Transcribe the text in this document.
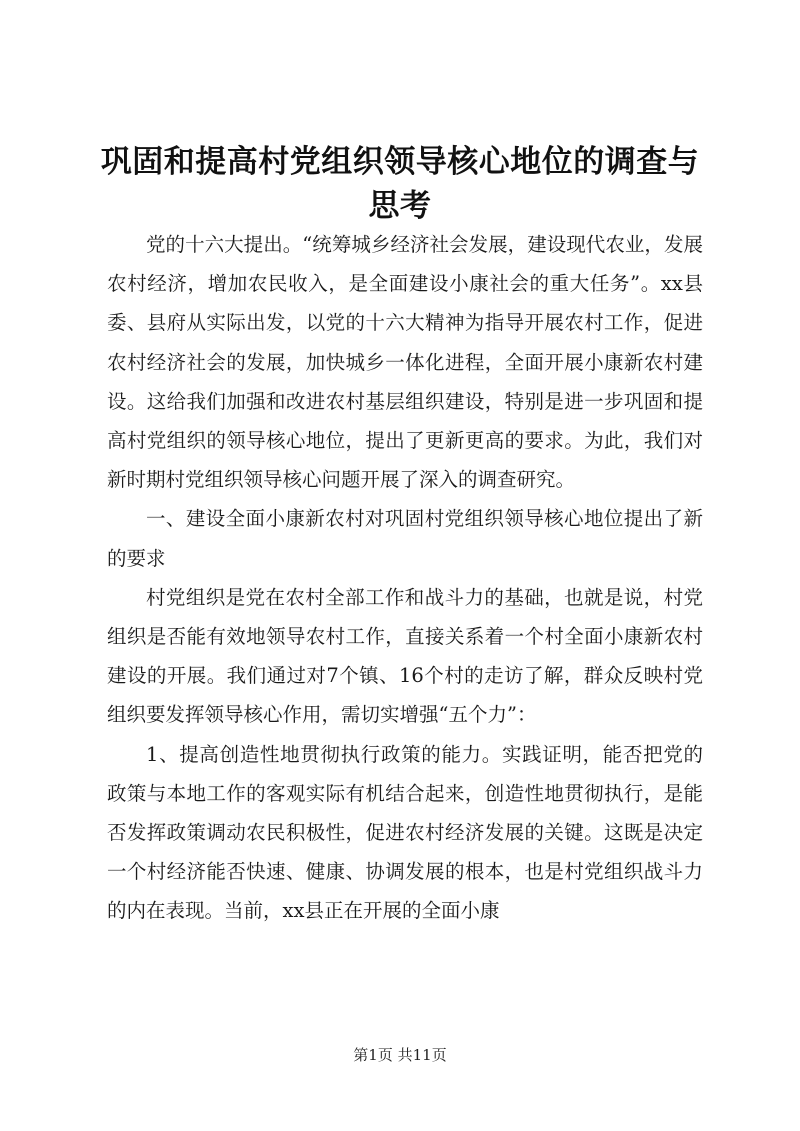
巩固和提高村党组织领导核心地位的调查与思考

党的十六大提出。“统筹城乡经济社会发展，建设现代农业，发展农村经济，增加农民收入，是全面建设小康社会的重大任务”。xx县委、县府从实际出发，以党的十六大精神为指导开展农村工作，促进农村经济社会的发展，加快城乡一体化进程，全面开展小康新农村建设。这给我们加强和改进农村基层组织建设，特别是进一步巩固和提高村党组织的领导核心地位，提出了更新更高的要求。为此，我们对新时期村党组织领导核心问题开展了深入的调查研究。

一、建设全面小康新农村对巩固村党组织领导核心地位提出了新的要求

村党组织是党在农村全部工作和战斗力的基础，也就是说，村党组织是否能有效地领导农村工作，直接关系着一个村全面小康新农村建设的开展。我们通过对7个镇、16个村的走访了解，群众反映村党组织要发挥领导核心作用，需切实增强“五个力”：

1、提高创造性地贯彻执行政策的能力。实践证明，能否把党的政策与本地工作的客观实际有机结合起来，创造性地贯彻执行，是能否发挥政策调动农民积极性，促进农村经济发展的关键。这既是决定一个村经济能否快速、健康、协调发展的根本，也是村党组织战斗力的内在表现。当前，xx县正在开展的全面小康

第1页 共11页
